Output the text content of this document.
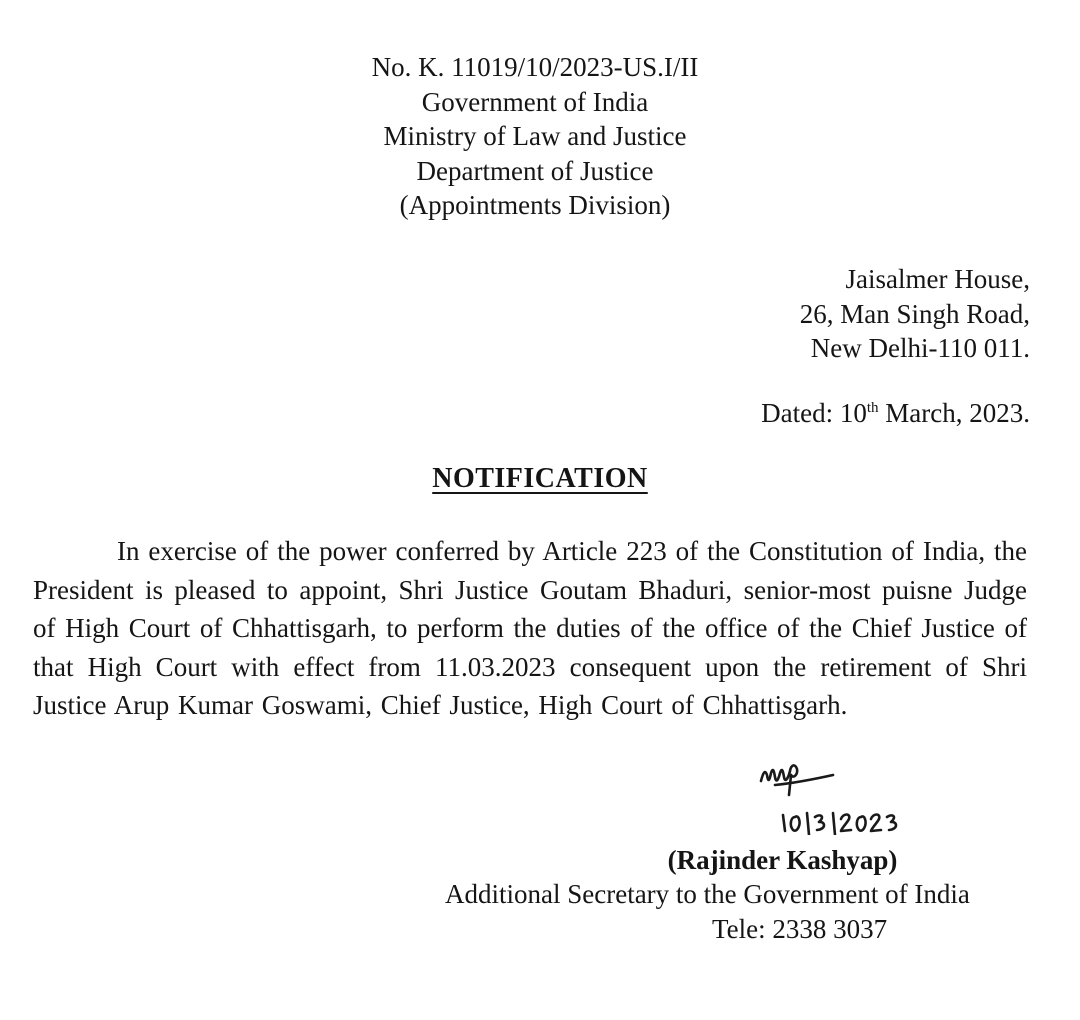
No. K. 11019/10/2023-US.I/II
Government of India
Ministry of Law and Justice
Department of Justice
(Appointments Division)
Jaisalmer House,
26, Man Singh Road,
New Delhi-110 011.
Dated: 10th March, 2023.
NOTIFICATION

In exercise of the power conferred by Article 223 of the Constitution of India, the President is pleased to appoint, Shri Justice Goutam Bhaduri, senior-most puisne Judge of High Court of Chhattisgarh, to perform the duties of the office of the Chief Justice of that High Court with effect from 11.03.2023 consequent upon the retirement of Shri Justice Arup Kumar Goswami, Chief Justice, High Court of Chhattisgarh.

(Rajinder Kashyap)
Additional Secretary to the Government of India
Tele: 2338 3037
